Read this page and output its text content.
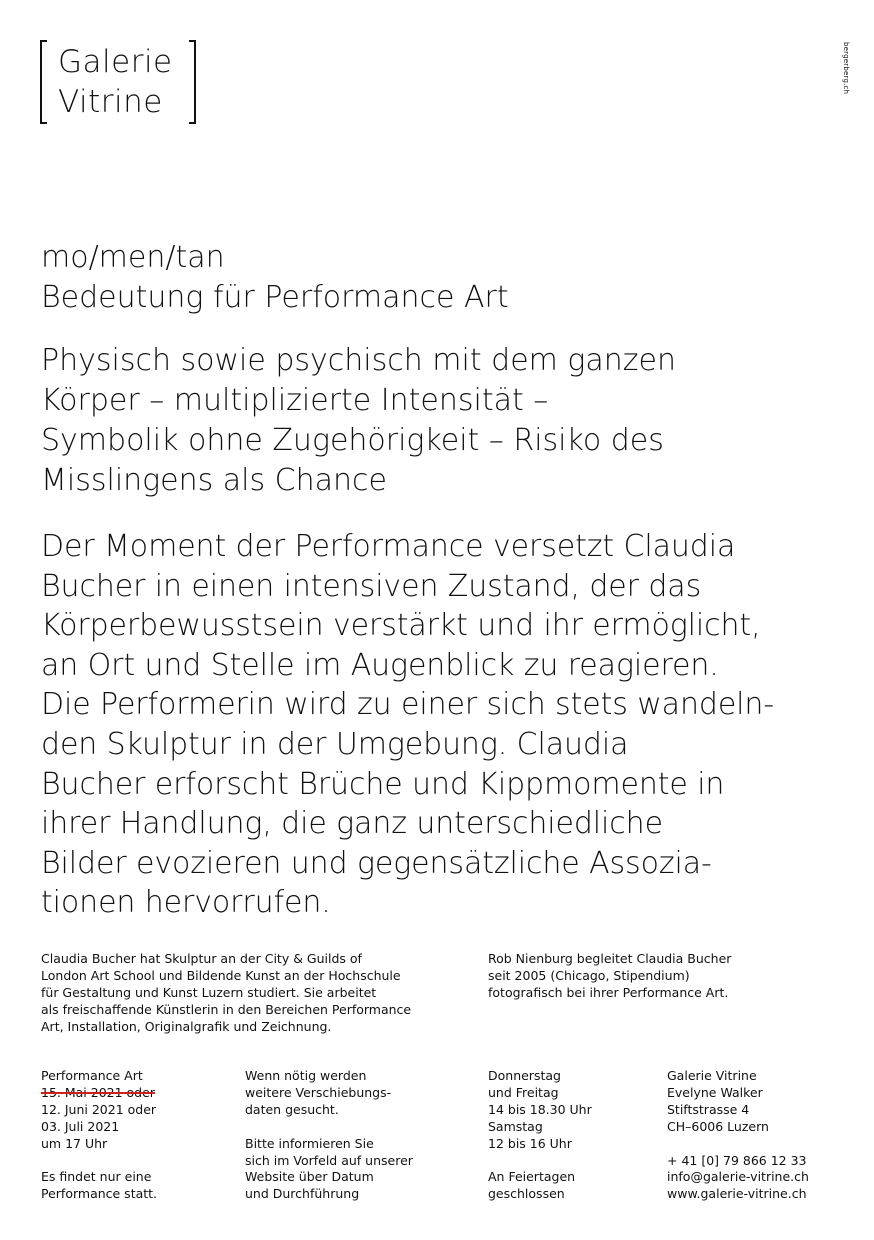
Galerie
Vitrine
bergerberg.ch
mo/men/tan
Bedeutung für Performance Art
Physisch sowie psychisch mit dem ganzen
Körper – multiplizierte Intensität –
Symbolik ohne Zugehörigkeit – Risiko des
Misslingens als Chance
Der Moment der Performance versetzt Claudia
Bucher in einen intensiven Zustand, der das
Körperbewusstsein verstärkt und ihr ermöglicht,
an Ort und Stelle im Augenblick zu reagieren.
Die Performerin wird zu einer sich stets wandeln-
den Skulptur in der Umgebung. Claudia
Bucher erforscht Brüche und Kippmomente in
ihrer Handlung, die ganz unterschiedliche
Bilder evozieren und gegensätzliche Assozia-
tionen hervorrufen.
Claudia Bucher hat Skulptur an der City & Guilds of
London Art School und Bildende Kunst an der Hochschule
für Gestaltung und Kunst Luzern studiert. Sie arbeitet
als freischaffende Künstlerin in den Bereichen Performance
Art, Installation, Originalgrafik und Zeichnung.
Rob Nienburg begleitet Claudia Bucher
seit 2005 (Chicago, Stipendium)
fotografisch bei ihrer Performance Art.
Performance Art
15. Mai 2021 oder
12. Juni 2021 oder
03. Juli 2021
um 17 Uhr
Es findet nur eine
Performance statt.
Wenn nötig werden
weitere Verschiebungs-
daten gesucht.
Bitte informieren Sie
sich im Vorfeld auf unserer
Website über Datum
und Durchführung
Donnerstag
und Freitag
14 bis 18.30 Uhr
Samstag
12 bis 16 Uhr
An Feiertagen
geschlossen
Galerie Vitrine
Evelyne Walker
Stiftstrasse 4
CH–6006 Luzern
+ 41 [0] 79 866 12 33
info@galerie-vitrine.ch
www.galerie-vitrine.ch
